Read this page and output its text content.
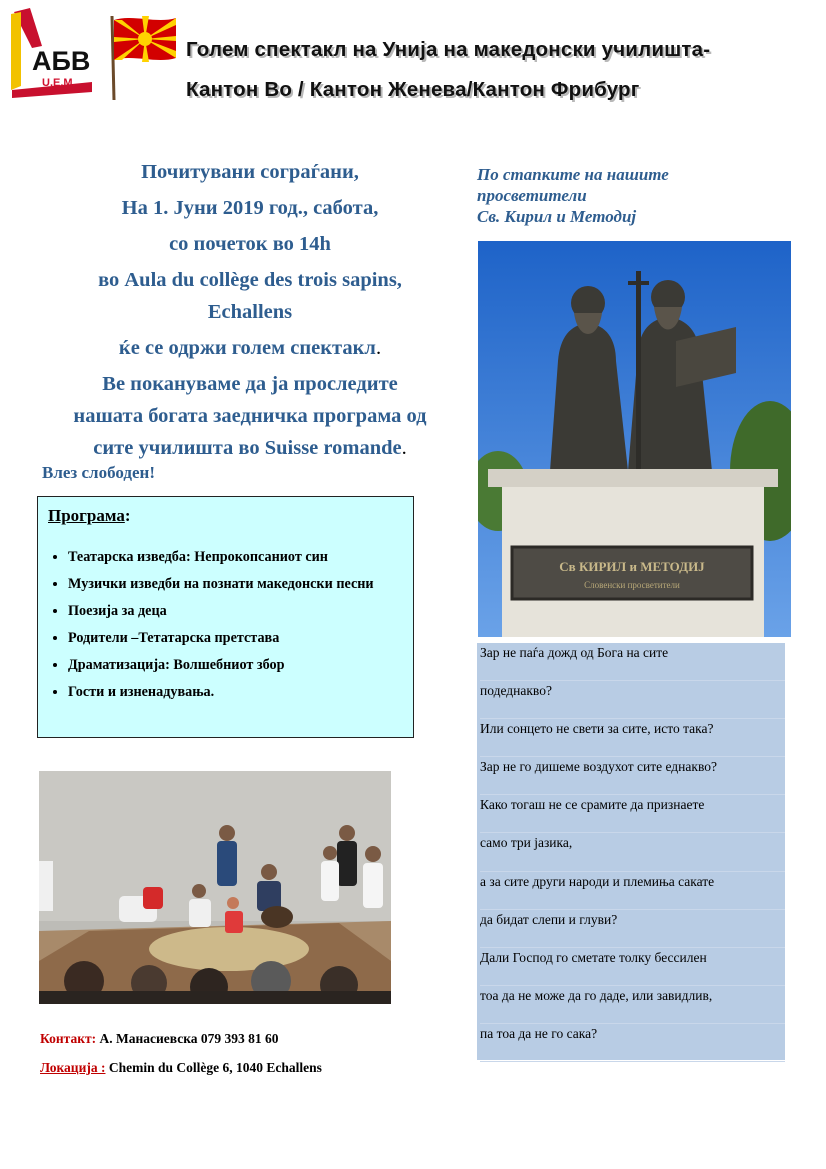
АБВ
U.E.M.
Голем спектакл на Унија на македонски училишта-
Кантон Во / Кантон Женева/Кантон Фрибург
Почитувани сограѓани,
На 1. Јуни 2019 год., сабота,
со почеток во 14h
во Aula du collège des trois sapins,
Echallens
ќе се одржи голем спектакл.
Ве покануваме да ја проследите
нашата богата заедничка програма од
сите училишта во Suisse romande.
Влез слободен!
Програма:
• Театарска изведба: Непрокопсаниот син
• Музички изведби на познати македонски песни
• Поезија за деца
• Родители –Тетатарска претстава
• Драматизација: Волшебниот збор
• Гости и изненадувања.
Контакт: А. Манасиевска 079 393 81 60
Локација : Chemin du Collège 6, 1040 Echallens
По стапките на нашите
просветители
Св. Кирил и Методиј
Св КИРИЛ и МЕТОДИЈ
Словенски просветители
Зар не паѓа дожд од Бога на сите
подеднакво?
Или сонцето не свети за сите, исто така?
Зар не го дишеме воздухот сите еднакво?
Како тогаш не се срамите да признаете
само три јазика,
а за сите други народи и племиња сакате
да бидат слепи и глуви?
Дали Господ го сметате толку бессилен
тоа да не може да го даде, или завидлив,
па тоа да не го сака?
